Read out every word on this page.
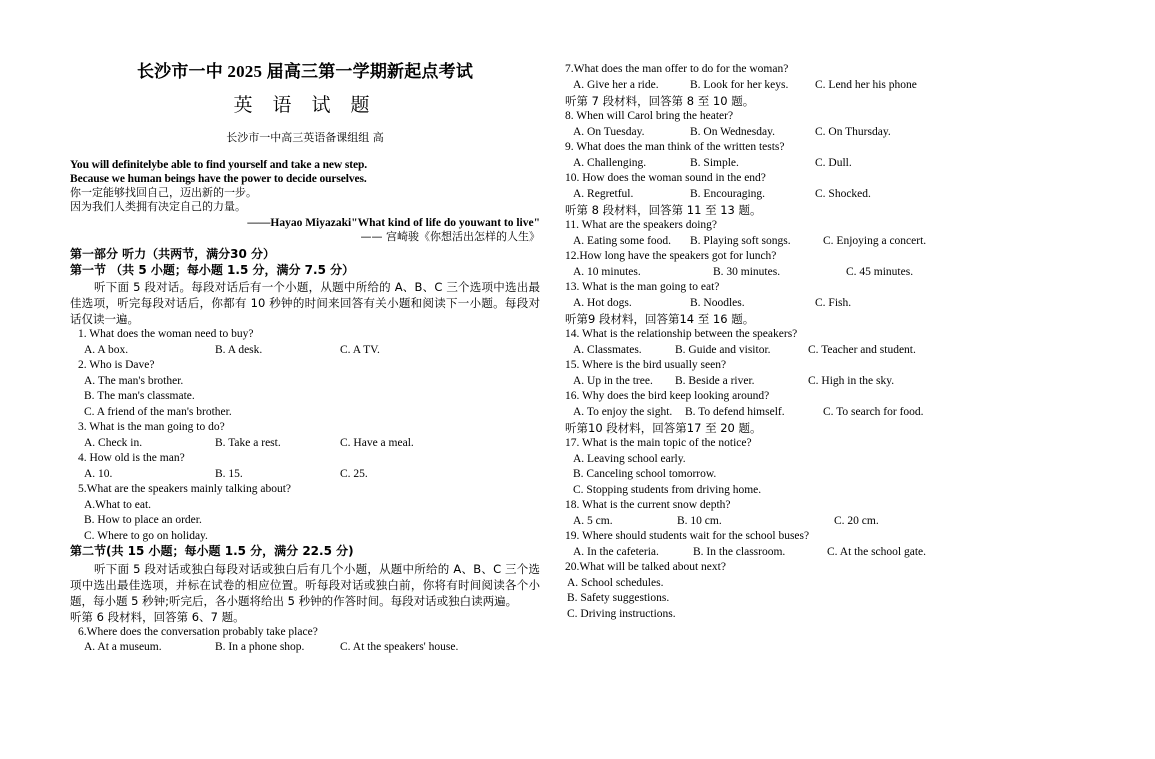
长沙市一中 2025 届高三第一学期新起点考试
英 语 试 题
长沙市一中高三英语备课组组 高
You will definitelybe able to find yourself and take a new step.
Because we human beings have the power to decide ourselves.
你一定能够找回自己，迈出新的一步。
因为我们人类拥有决定自己的力量。
——Hayao Miyazaki"What kind of life do youwant to live"
—— 宫崎骏《你想活出怎样的人生》
第一部分 听力（共两节，满分30 分）
第一节 （共 5 小题；每小题 1.5 分，满分 7.5 分）
听下面 5 段对话。每段对话后有一个小题，从题中所给的 A、B、C 三个选项中选出最佳选项，听完每段对话后，你都有 10 秒钟的时间来回答有关小题和阅读下一小题。每段对话仅读一遍。
1. What does the woman need to buy?
A. A box.	B. A desk.	C. A TV.
2. Who is Dave?
A. The man's brother.
B. The man's classmate.
C. A friend of the man's brother.
3. What is the man going to do?
A. Check in.	B. Take a rest.	C. Have a meal.
4. How old is the man?
A. 10.	B. 15.	C. 25.
5.What are the speakers mainly talking about?
A.What to eat.
B. How to place an order.
C. Where to go on holiday.
第二节(共 15 小题；每小题 1.5 分，满分 22.5 分)
听下面 5 段对话或独白每段对话或独白后有几个小题，从题中所给的 A、B、C 三个选项中选出最佳选项，并标在试卷的相应位置。听每段对话或独白前，你将有时间阅读各个小题，每小题 5 秒钟;听完后，各小题将给出 5 秒钟的作答时间。每段对话或独白读两遍。
听第 6 段材料，回答第 6、7 题。
6.Where does the conversation probably take place?
A. At a museum.	B. In a phone shop.	C. At the speakers' house.
7.What does the man offer to do for the woman?
A. Give her a ride.	B. Look for her keys. C. Lend her his phone
听第 7 段材料，回答第 8 至 10 题。
8. When will Carol bring the heater?
A. On Tuesday.	B. On Wednesday.	C. On Thursday.
9. What does the man think of the written tests?
A. Challenging.	B. Simple.	C. Dull.
10. How does the woman sound in the end?
A. Regretful.	B. Encouraging.	C. Shocked.
听第 8 段材料，回答第 11 至 13 题。
11. What are the speakers doing?
A. Eating some food. B. Playing soft songs.	C. Enjoying a concert.
12.How long have the speakers got for lunch?
A. 10 minutes.	B. 30 minutes.	C. 45 minutes.
13. What is the man going to eat?
A. Hot dogs.	B. Noodles.	C. Fish.
听第9 段材料，回答第14 至 16 题。
14. What is the relationship between the speakers?
A. Classmates.	B. Guide and visitor.	C. Teacher and student.
15. Where is the bird usually seen?
A. Up in the tree. B. Beside a river.	C. High in the sky.
16. Why does the bird keep looking around?
A. To enjoy the sight. B. To defend himself.	C. To search for food.
听第10 段材料，回答第17 至 20 题。
17. What is the main topic of the notice?
A. Leaving school early.
B. Canceling school tomorrow.
C. Stopping students from driving home.
18. What is the current snow depth?
A. 5 cm.	B. 10 cm.	C. 20 cm.
19. Where should students wait for the school buses?
A. In the cafeteria.	B. In the classroom.	C. At the school gate.
20.What will be talked about next?
A. School schedules.
B. Safety suggestions.
C. Driving instructions.
